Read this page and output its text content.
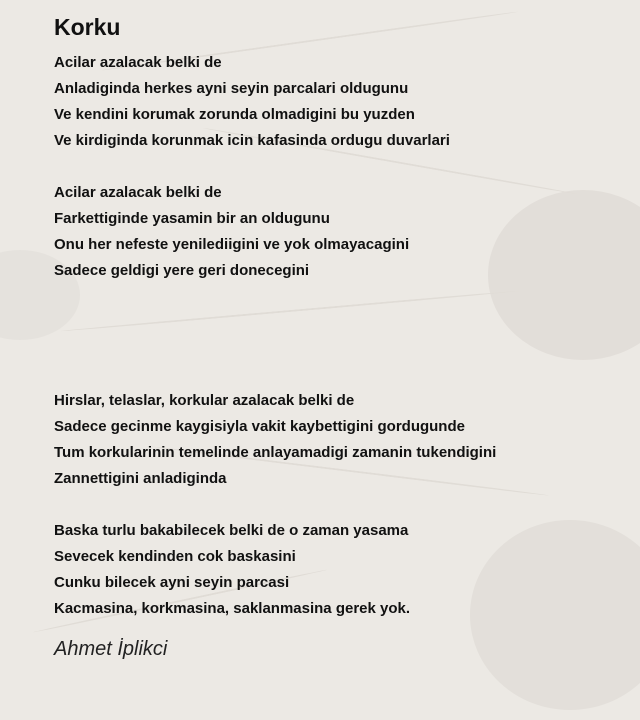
Korku
Acilar azalacak belki de
Anladiginda herkes ayni seyin parcalari oldugunu
Ve kendini korumak zorunda olmadigini bu yuzden
Ve kirdiginda korunmak icin kafasinda ordugu duvarlari
Acilar azalacak belki de
Farkettiginde yasamin bir an oldugunu
Onu her nefeste yenilediigini ve yok olmayacagini
Sadece geldigi yere geri donecegini
Hirslar, telaslar, korkular azalacak belki de
Sadece gecinme kaygisiyla vakit kaybettigini gordugunde
Tum korkularinin temelinde anlayamadigi zamanin tukendigini
Zannettigini anladiginda
Baska turlu bakabilecek belki de o zaman yasama
Sevecek kendinden cok baskasini
Cunku bilecek ayni seyin parcasi
Kacmasina, korkmasina, saklanmasina gerek yok.
Ahmet İplikci
